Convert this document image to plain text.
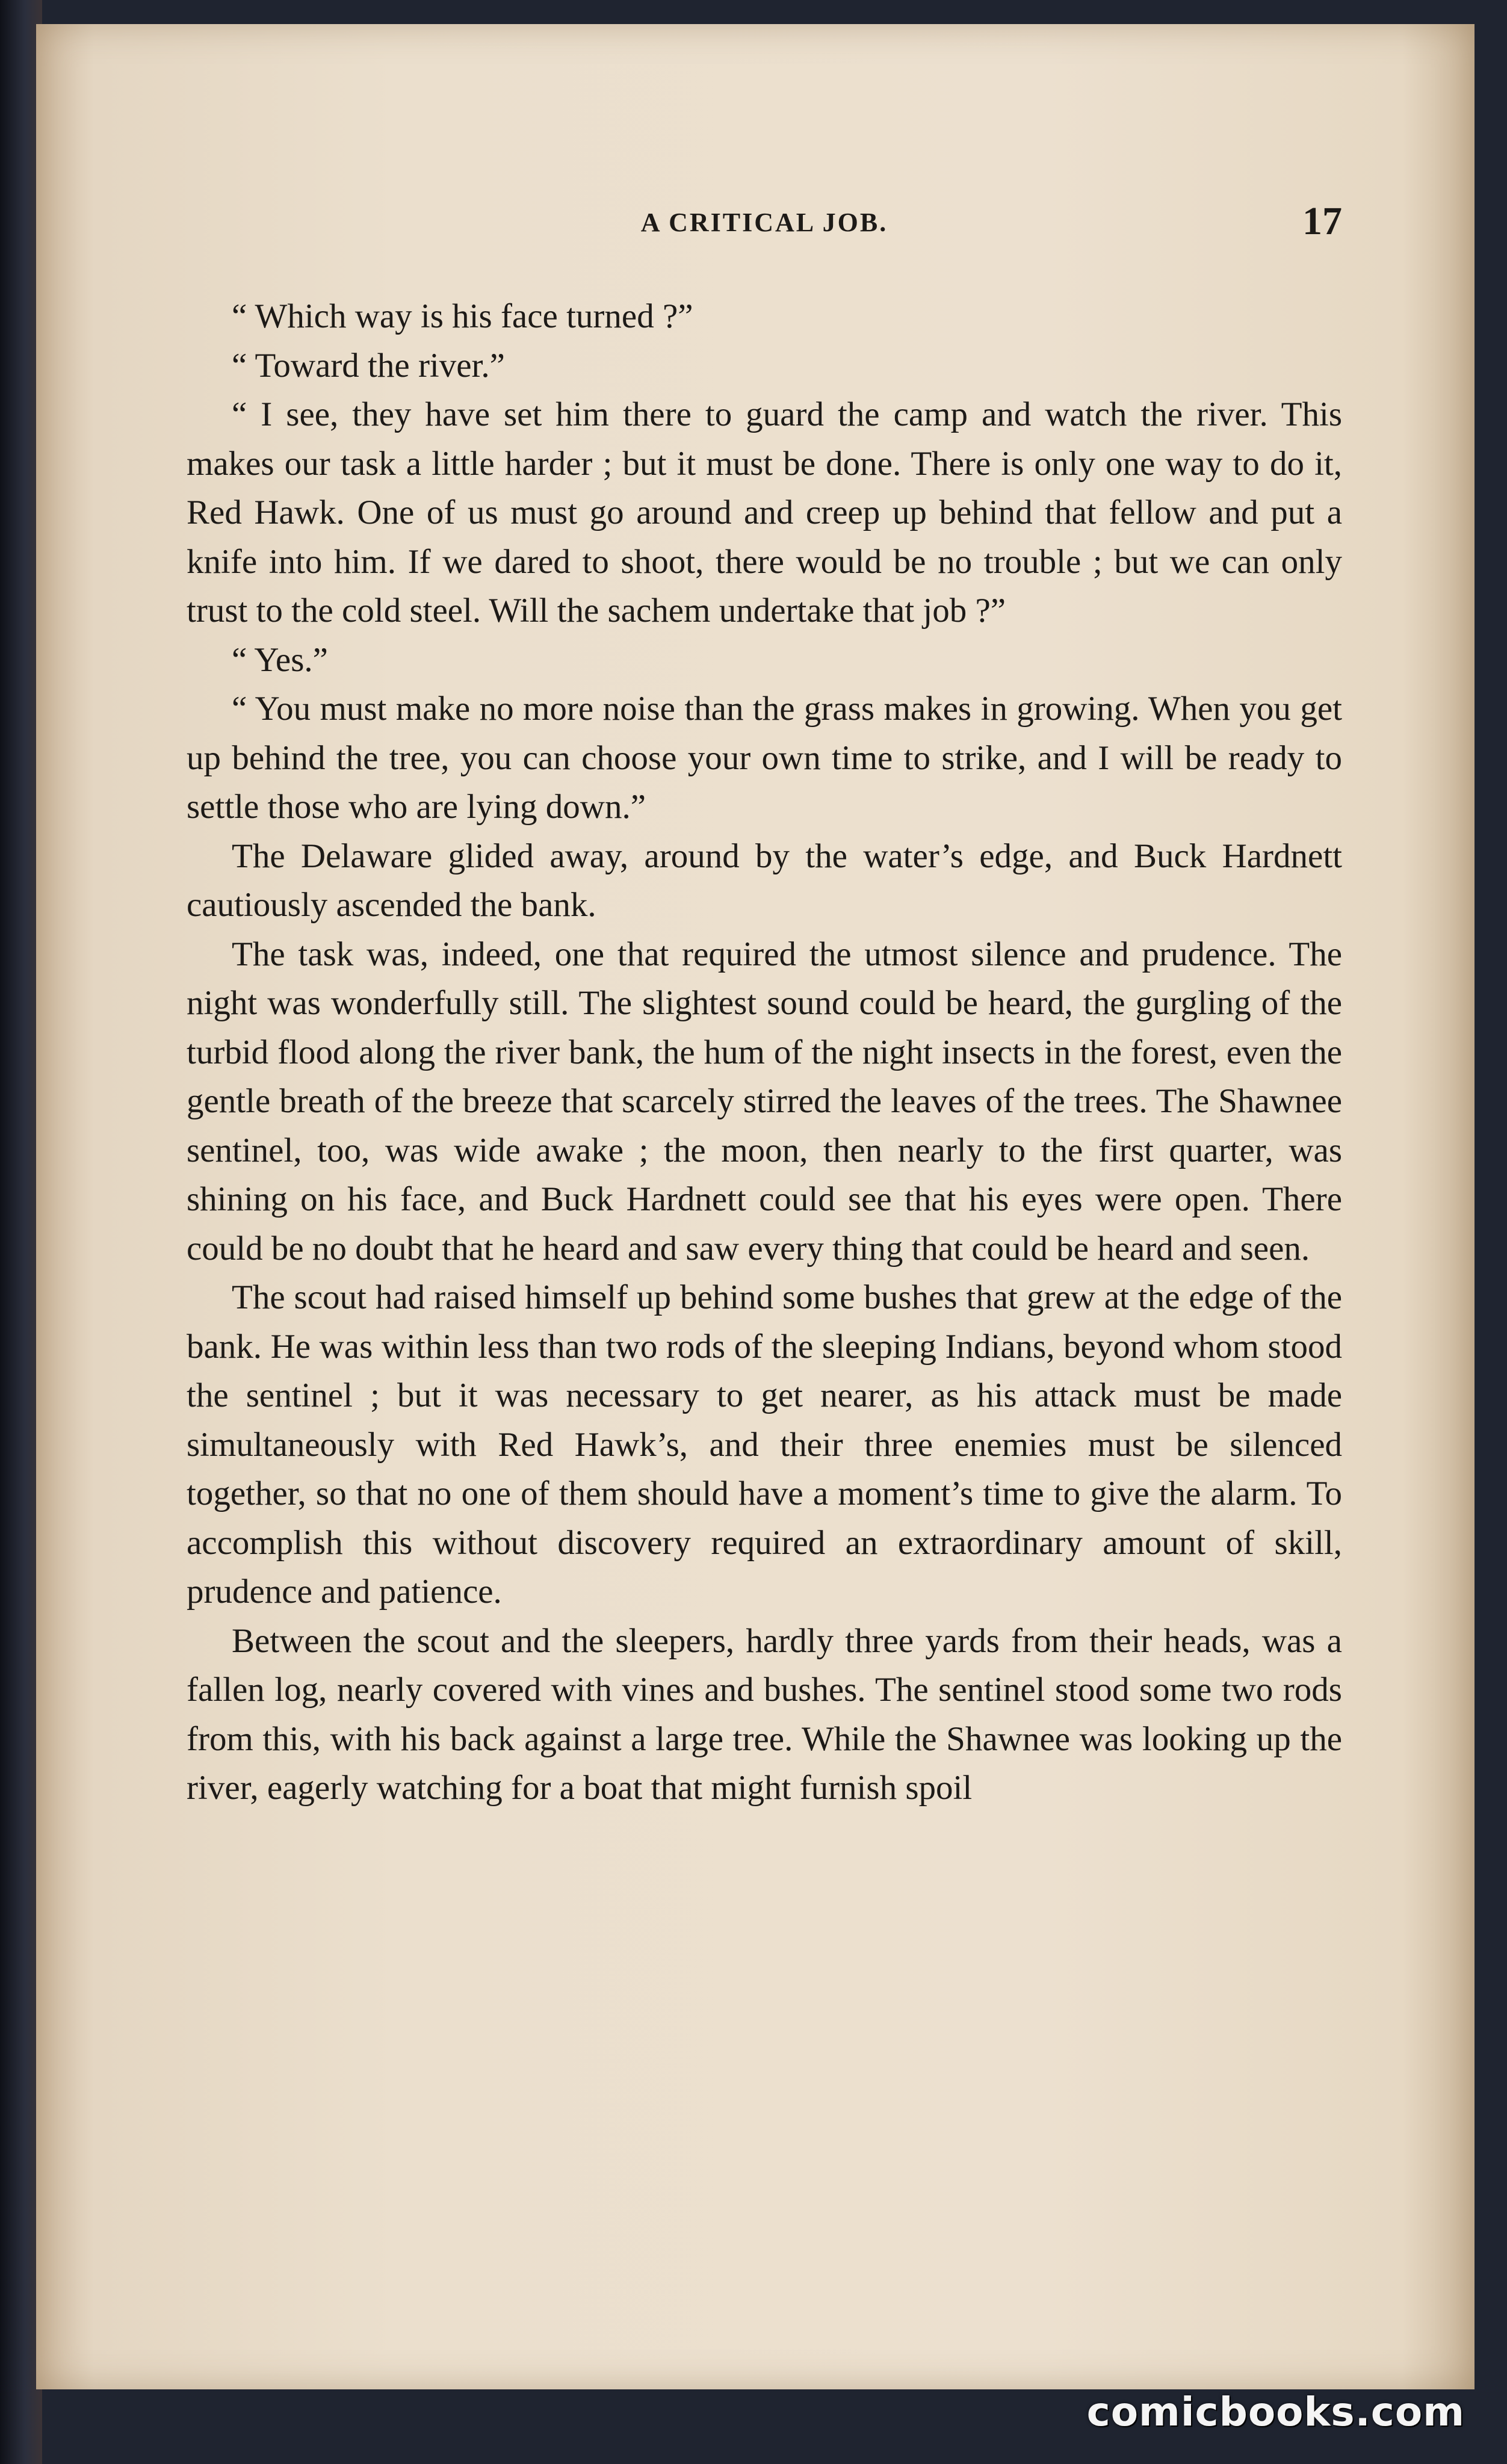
A CRITICAL JOB.	17

“ Which way is his face turned ?”

“ Toward the river.”

“ I see, they have set him there to guard the camp and watch the river. This makes our task a little harder ; but it must be done. There is only one way to do it, Red Hawk. One of us must go around and creep up behind that fellow and put a knife into him. If we dared to shoot, there would be no trouble ; but we can only trust to the cold steel. Will the sachem undertake that job ?”

“ Yes.”

“ You must make no more noise than the grass makes in growing. When you get up behind the tree, you can choose your own time to strike, and I will be ready to settle those who are lying down.”

The Delaware glided away, around by the water’s edge, and Buck Hardnett cautiously ascended the bank.

The task was, indeed, one that required the utmost silence and prudence. The night was wonderfully still. The slightest sound could be heard, the gurgling of the turbid flood along the river bank, the hum of the night insects in the forest, even the gentle breath of the breeze that scarcely stirred the leaves of the trees. The Shawnee sentinel, too, was wide awake ; the moon, then nearly to the first quarter, was shining on his face, and Buck Hardnett could see that his eyes were open. There could be no doubt that he heard and saw every thing that could be heard and seen.

The scout had raised himself up behind some bushes that grew at the edge of the bank. He was within less than two rods of the sleeping Indians, beyond whom stood the sentinel ; but it was necessary to get nearer, as his attack must be made simultaneously with Red Hawk’s, and their three enemies must be silenced together, so that no one of them should have a moment’s time to give the alarm. To accomplish this without discovery required an extraordinary amount of skill, prudence and patience.

Between the scout and the sleepers, hardly three yards from their heads, was a fallen log, nearly covered with vines and bushes. The sentinel stood some two rods from this, with his back against a large tree. While the Shawnee was looking up the river, eagerly watching for a boat that might furnish spoil

comicbooks.com
